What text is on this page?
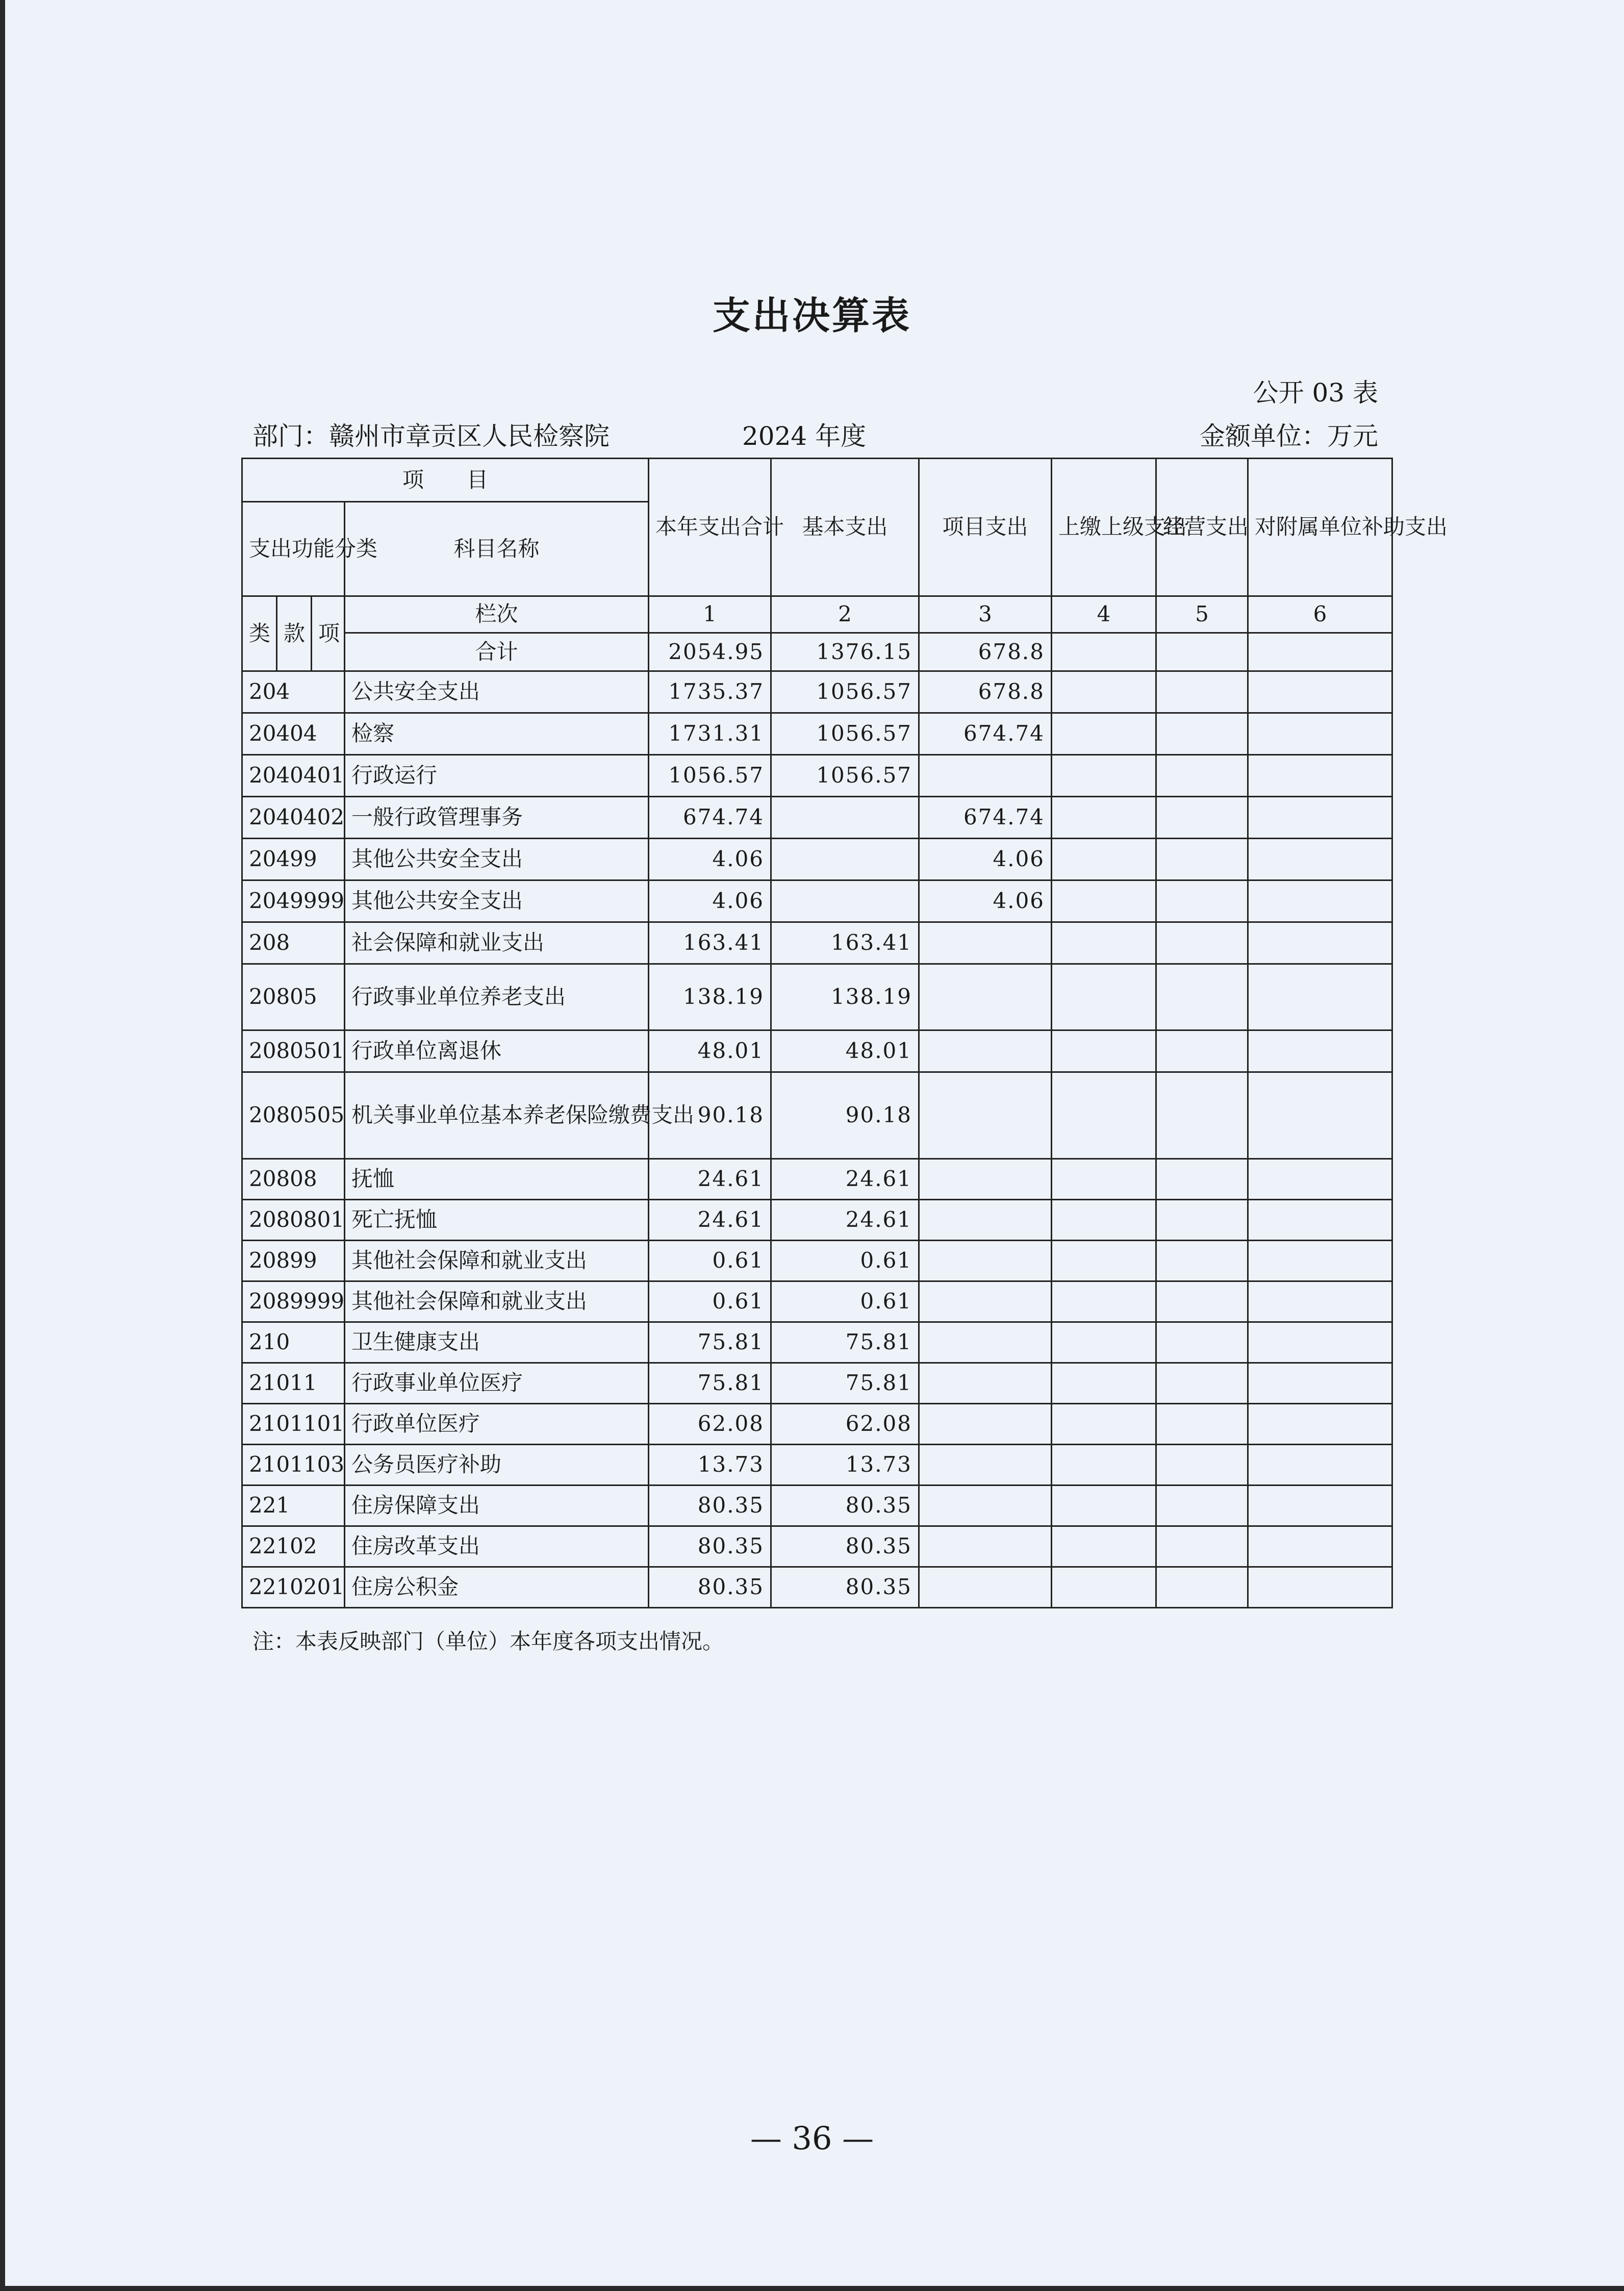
支出决算表
公开 03 表
部门：赣州市章贡区人民检察院	2024 年度	金额单位：万元
项　　目				本年支出合计	基本支出	项目支出	上缴上级支出	经营支出	对附属单位补助支出
支出功能分类			科目名称						
类	款	项	栏次	1	2	3	4	5	6
			合计	2054.95	1376.15	678.8			
204			公共安全支出	1735.37	1056.57	678.8			
20404			检察	1731.31	1056.57	674.74			
2040401			行政运行	1056.57	1056.57				
2040402			一般行政管理事务	674.74		674.74			
20499			其他公共安全支出	4.06		4.06			
2049999			其他公共安全支出	4.06		4.06			
208			社会保障和就业支出	163.41	163.41				
20805			行政事业单位养老支出	138.19	138.19				
2080501			行政单位离退休	48.01	48.01				
2080505			机关事业单位基本养老保险缴费支出	90.18	90.18				
20808			抚恤	24.61	24.61				
2080801			死亡抚恤	24.61	24.61				
20899			其他社会保障和就业支出	0.61	0.61				
2089999			其他社会保障和就业支出	0.61	0.61				
210			卫生健康支出	75.81	75.81				
21011			行政事业单位医疗	75.81	75.81				
2101101			行政单位医疗	62.08	62.08				
2101103			公务员医疗补助	13.73	13.73				
221			住房保障支出	80.35	80.35				
22102			住房改革支出	80.35	80.35				
2210201			住房公积金	80.35	80.35				
注：本表反映部门（单位）本年度各项支出情况。
— 36 —
